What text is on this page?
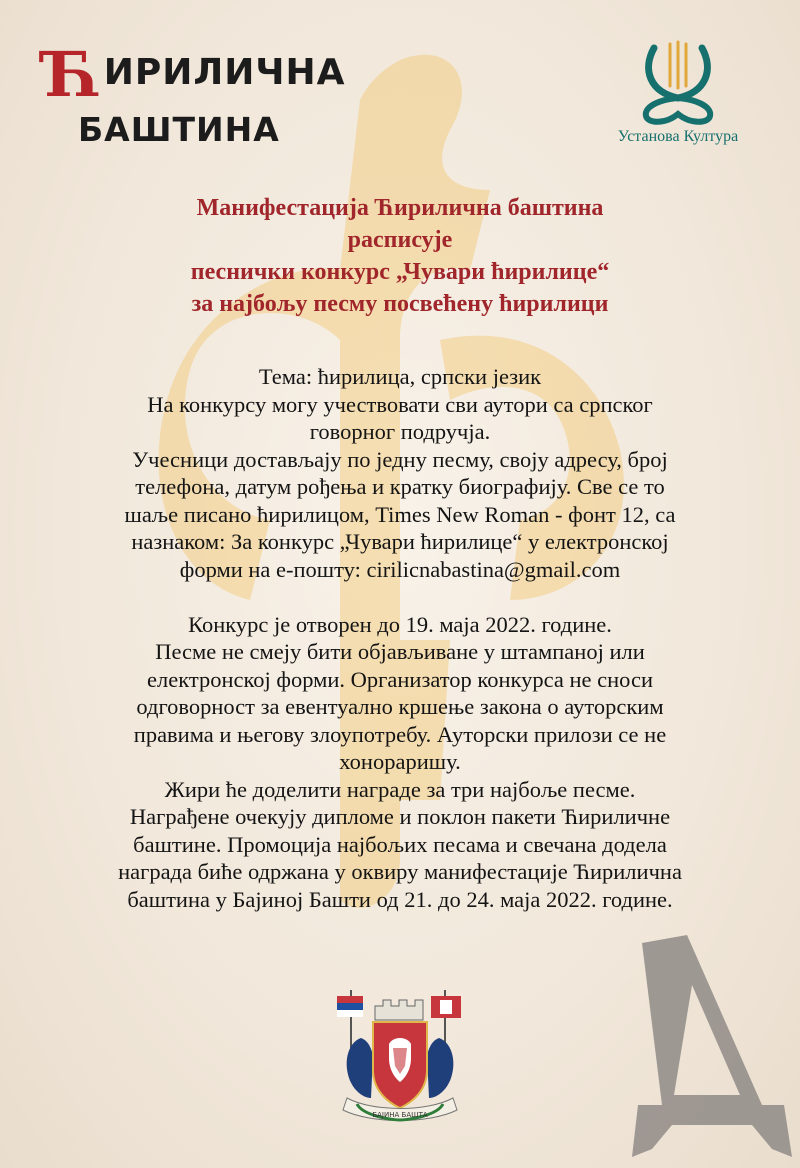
ЋИРИЛИЧНА
БАШТИНА	Установа Култура
Манифестација Ћирилична баштина
расписује
песнички конкурс „Чувари ћирилице“
за најбољу песму посвећену ћирилици
Тема: ћирилица, српски језик
На конкурсу могу учествовати сви аутори са српског
говорног подручја.
Учесници достављају по једну песму, своју адресу, број
телефона, датум рођења и кратку биографију. Све се то
шаље писано ћирилицом, Times New Roman - фонт 12, са
назнаком: За конкурс „Чувари ћирилице“ у електронској
форми на е-пошту: cirilicnabastina@gmail.com
Конкурс је отворен до 19. маја 2022. године.
Песме не смеју бити објављиване у штампаној или
електронској форми. Организатор конкурса не сноси
одговорност за евентуално кршење закона о ауторским
правима и његову злоупотребу. Ауторски прилози се не
хонораришу.
Жири ће доделити награде за три најбоље песме.
Награђене очекују дипломе и поклон пакети Ћириличне
баштине. Промоција најбољих песама и свечана додела
награда биће одржана у оквиру манифестације Ћирилична
баштина у Бајиној Башти од 21. до 24. маја 2022. године.
БАЈИНА БАШТА
